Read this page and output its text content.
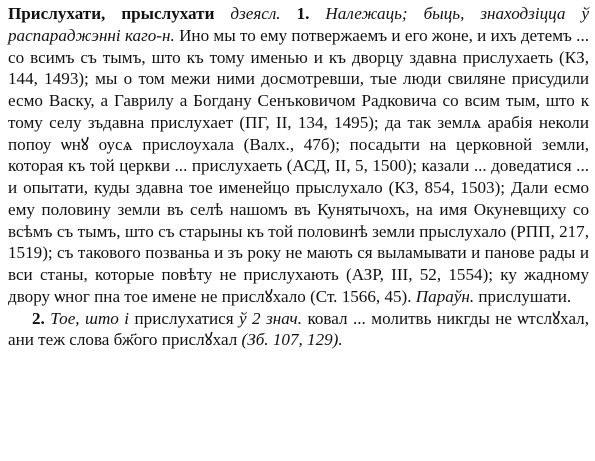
Прислухати, прыслухати дзеясл. 1. Належаць; быць, знаходзіцца ў распараджэнні каго-н. Ино мы то ему потвержаемъ и его жоне, и ихъ детемъ ... со всимъ съ тымъ, што къ тому именью и къ дворцу здавна прислухаеть (КЗ, 144, 1493); мы о том межи ними досмотревши, тые люди свиляне присудили есмо Васку, а Гаврилу а Богдану Сенъковичом Радковича со всим тым, што к тому селу зъдавна прислухает (ПГ, II, 134, 1495); да так землѧ арабія неколи попоу ѡнꙋ оусѧ прислоухала (Валх., 47б); посадыти на церковной земли, которая къ той церкви ... прислухаеть (АСД, II, 5, 1500); казали ... доведатися ... и опытати, куды здавна тое именейцо прыслухало (КЗ, 854, 1503); Дали есмо ему половину земли въ селѣ нашомъ въ Кунятычохъ, на имя Окуневщиху со всѣмъ съ тымъ, што съ старыны къ той половинѣ земли прыслухало (РПП, 217, 1519); съ такового позваньа и зъ року не мають ся выламывати и панове рады и вси станы, которые повѣту не прислухають (АЗР, III, 52, 1554); ку жадному двору ѡног пна тое имене не прислꙋхало (Ст. 1566, 45). Параўн. прислушати.

2. Тое, што і прислухатися ў 2 знач. ковал ... молитвь никгды не ѡтслꙋхал, ани теж слова бж҃ого прислꙋхал (Зб. 107, 129).
